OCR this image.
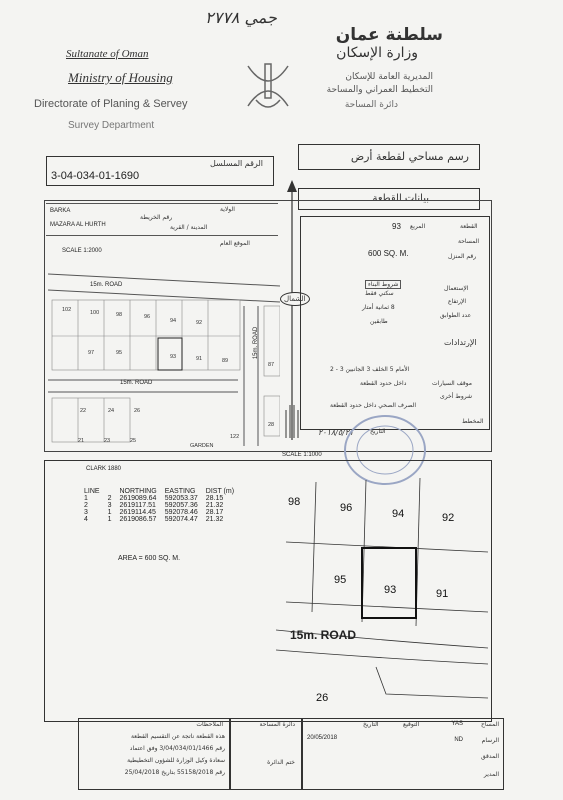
جمي ٢٧٧٨
Sultanate of Oman
Ministry of Housing
Directorate of Planing & Servey
Survey Department
سلطنة عمان
وزارة الإسكان
المديرية العامة للإسكان
التخطيط العمراني والمساحة
دائرة المساحة
الرقم المسلسل
3-04-034-01-1690
رسم مساحي لقطعة أرض
بيانات القطعة
BARKA	الولاية
رقم الخريطة
MAZARA AL HURTH	المدينة / القرية
الموقع العام
SCALE 1:2000
102	100	98	96
94	92
97	95
93	91	89
87
22	24	26
21	23	25
122
28
GARDEN
15m. ROAD
15m. ROAD
15m. ROAD
الشمال
القطعة
93 المربع
المساحة
600 SQ. M.	رقم المنزل
الإستعمال
سكني فقط
شروط البناء
الإرتفاع
8 ثمانية أمتار
عدد الطوابق
طابقين
الإرتدادات
الأمام 5 الخلف 3 الجانبين 3 - 2
موقف السيارات
داخل حدود القطعة
شروط أخرى
الصرف الصحي داخل حدود القطعة
المخطط
التاريخ
٢٠١٨/٥/٢١
CLARK 1880
SCALE 1:1000
LINE		NORTHING	EASTING	DIST (m)
1	2	2619089.64	592053.37	28.15
2	3	2619117.51	592057.36	21.32
3	1	2619114.45	592078.46	28.17
4	1	2619086.57	592074.47	21.32
AREA = 600 SQ. M.
98	96	94	92
95
93	91
26
15m. ROAD
الملاحظات
هذه القطعة ناتجة عن التقسيم القطعة
رقم 3/04/034/01/1466 وفق اعتماد
سعادة وكيل الوزارة للشؤون التخطيطية
رقم 55158/2018 بتاريخ 25/04/2018
دائرة المساحة
ختم الدائرة
المساح
YAS
الرسام
ND
المدقق
المدير
20/05/2018
التاريخ	التوقيع
